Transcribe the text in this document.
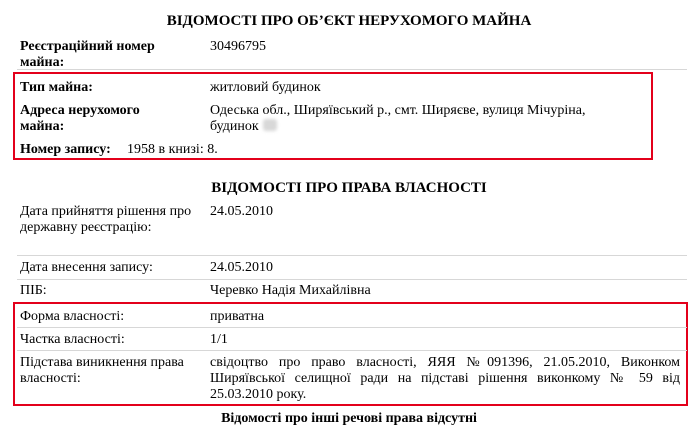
ВІДОМОСТІ ПРО ОБ’ЄКТ НЕРУХОМОГО МАЙНА
Реєстраційний номер майна:
30496795
Тип майна:	житловий будинок
Адреса нерухомого майна:
Одеська обл., Ширяївський р., смт. Ширяєве, вулиця Мічуріна,
будинок
Номер запису: 1958 в книзі: 8.
ВІДОМОСТІ ПРО ПРАВА ВЛАСНОСТІ
Дата прийняття рішення про державну реєстрацію:
24.05.2010
Дата внесення запису:	24.05.2010
ПІБ:	Черевко Надія Михайлівна
Форма власності:	приватна
Частка власності:	1/1
Підстава виникнення права власності:
свідоцтво про право власності, ЯЯЯ №091396, 21.05.2010, Виконком Ширяївської селищної ради на підставі рішення виконкому № 59 від 25.03.2010 року.
Відомості про інші речові права відсутні
